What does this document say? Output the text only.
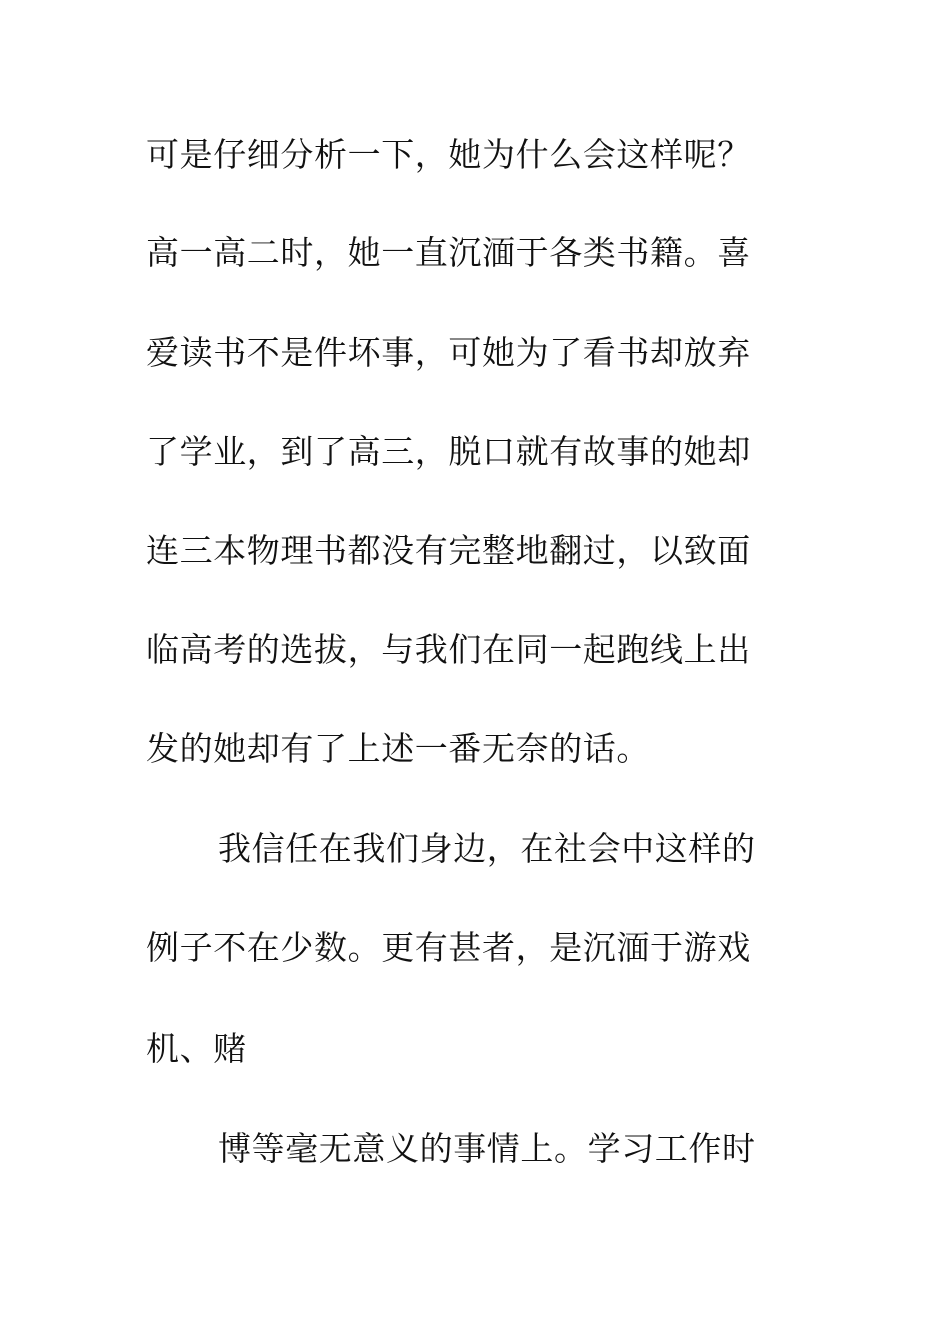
可是仔细分析一下，她为什么会这样呢？
高一高二时，她一直沉湎于各类书籍。喜
爱读书不是件坏事，可她为了看书却放弃
了学业，到了高三，脱口就有故事的她却
连三本物理书都没有完整地翻过，以致面
临高考的选拔，与我们在同一起跑线上出
发的她却有了上述一番无奈的话。
我信任在我们身边，在社会中这样的
例子不在少数。更有甚者，是沉湎于游戏
机、赌
博等毫无意义的事情上。学习工作时
